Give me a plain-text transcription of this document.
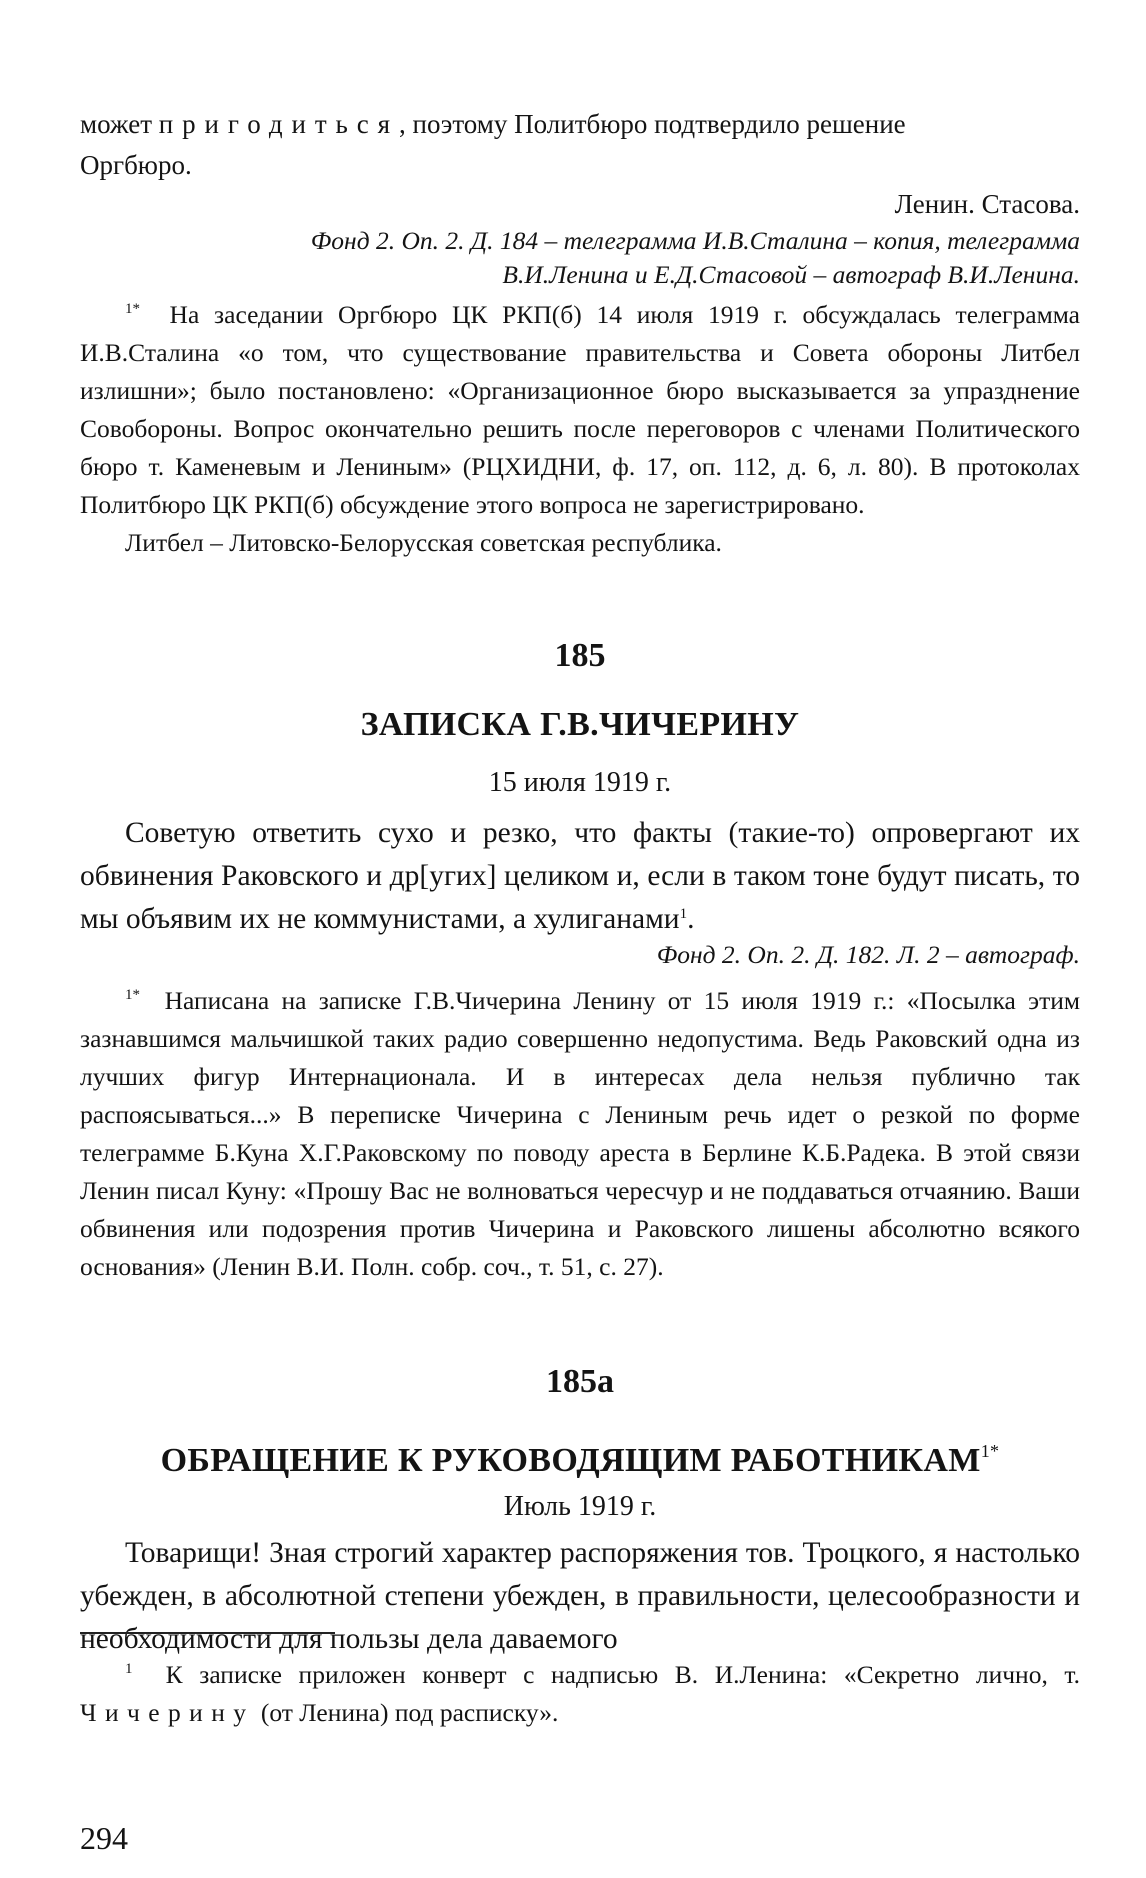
может пригодиться, поэтому Политбюро подтвердило решение
Оргбюро.

Ленин. Стасова.

Фонд 2. Оп. 2. Д. 184 – телеграмма И.В.Сталина – копия, телеграмма В.И.Ленина и Е.Д.Стасовой – автограф В.И.Ленина.

$^{1*}$ На заседании Оргбюро ЦК РКП(б) 14 июля 1919 г. обсуждалась телеграмма И.В.Сталина «о том, что существование правительства и Совета обороны Литбел излишни»; было постановлено: «Организационное бюро высказывается за упразднение Совобороны. Вопрос окончательно решить после переговоров с членами Политического бюро т. Каменевым и Лениным» (РЦХИДНИ, ф. 17, оп. 112, д. 6, л. 80). В протоколах Политбюро ЦК РКП(б) обсуждение этого вопроса не зарегистрировано.
Литбел – Литовско-Белорусская советская республика.
185
ЗАПИСКА Г.В.ЧИЧЕРИНУ
15 июля 1919 г.

Советую ответить сухо и резко, что факты (такие-то) опровергают их обвинения Раковского и др[угих] целиком и, если в таком тоне будут писать, то мы объявим их не коммунистами, а хулиганами$^1$.

Фонд 2. Оп. 2. Д. 182. Л. 2 – автограф.

$^{1*}$ Написана на записке Г.В.Чичерина Ленину от 15 июля 1919 г.: «Посылка этим зазнавшимся мальчишкой таких радио совершенно недопустима. Ведь Раковский одна из лучших фигур Интернационала. И в интересах дела нельзя публично так распоясываться...» В переписке Чичерина с Лениным речь идет о резкой по форме телеграмме Б.Куна Х.Г.Раковскому по поводу ареста в Берлине К.Б.Радека. В этой связи Ленин писал Куну: «Прошу Вас не волноваться чересчур и не поддаваться отчаянию. Ваши обвинения или подозрения против Чичерина и Раковского лишены абсолютно всякого основания» (Ленин В.И. Полн. собр. соч., т. 51, с. 27).
185а
ОБРАЩЕНИЕ К РУКОВОДЯЩИМ $РАБОТНИКАМ^{1*}$
Июль 1919 г.

Товарищи! Зная строгий характер распоряжения тов. Троцкого, я настолько убежден, в абсолютной степени убежден, в правильности, целесообразности и необходимости для пользы дела даваемого

$^1$ К записке приложен конверт с надписью В. И.Ленина: «Секретно лично, т. Чичерину (от Ленина) под расписку».
294
